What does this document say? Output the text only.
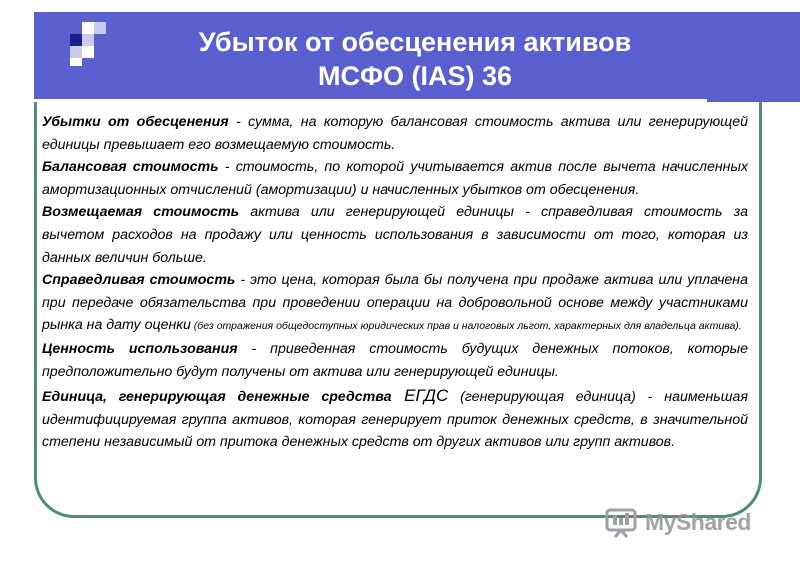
Убыток от обесценения активов
МСФО (IAS) 36

Убытки от обесценения - сумма, на которую балансовая стоимость актива или генерирующей единицы превышает его возмещаемую стоимость.

Балансовая стоимость - стоимость, по которой учитывается актив после вычета начисленных амортизационных отчислений (амортизации) и начисленных убытков от обесценения.

Возмещаемая стоимость актива или генерирующей единицы - справедливая стоимость за вычетом расходов на продажу или ценность использования в зависимости от того, которая из данных величин больше.

Справедливая стоимость - это цена, которая была бы получена при продаже актива или уплачена при передаче обязательства при проведении операции на добровольной основе между участниками рынка на дату оценки (без отражения общедоступных юридических прав и налоговых льгот, характерных для владельца актива).

Ценность использования - приведенная стоимость будущих денежных потоков, которые предположительно будут получены от актива или генерирующей единицы.

Единица, генерирующая денежные средства ЕГДС (генерирующая единица) - наименьшая идентифицируемая группа активов, которая генерирует приток денежных средств, в значительной степени независимый от притока денежных средств от других активов или групп активов.

MyShared
